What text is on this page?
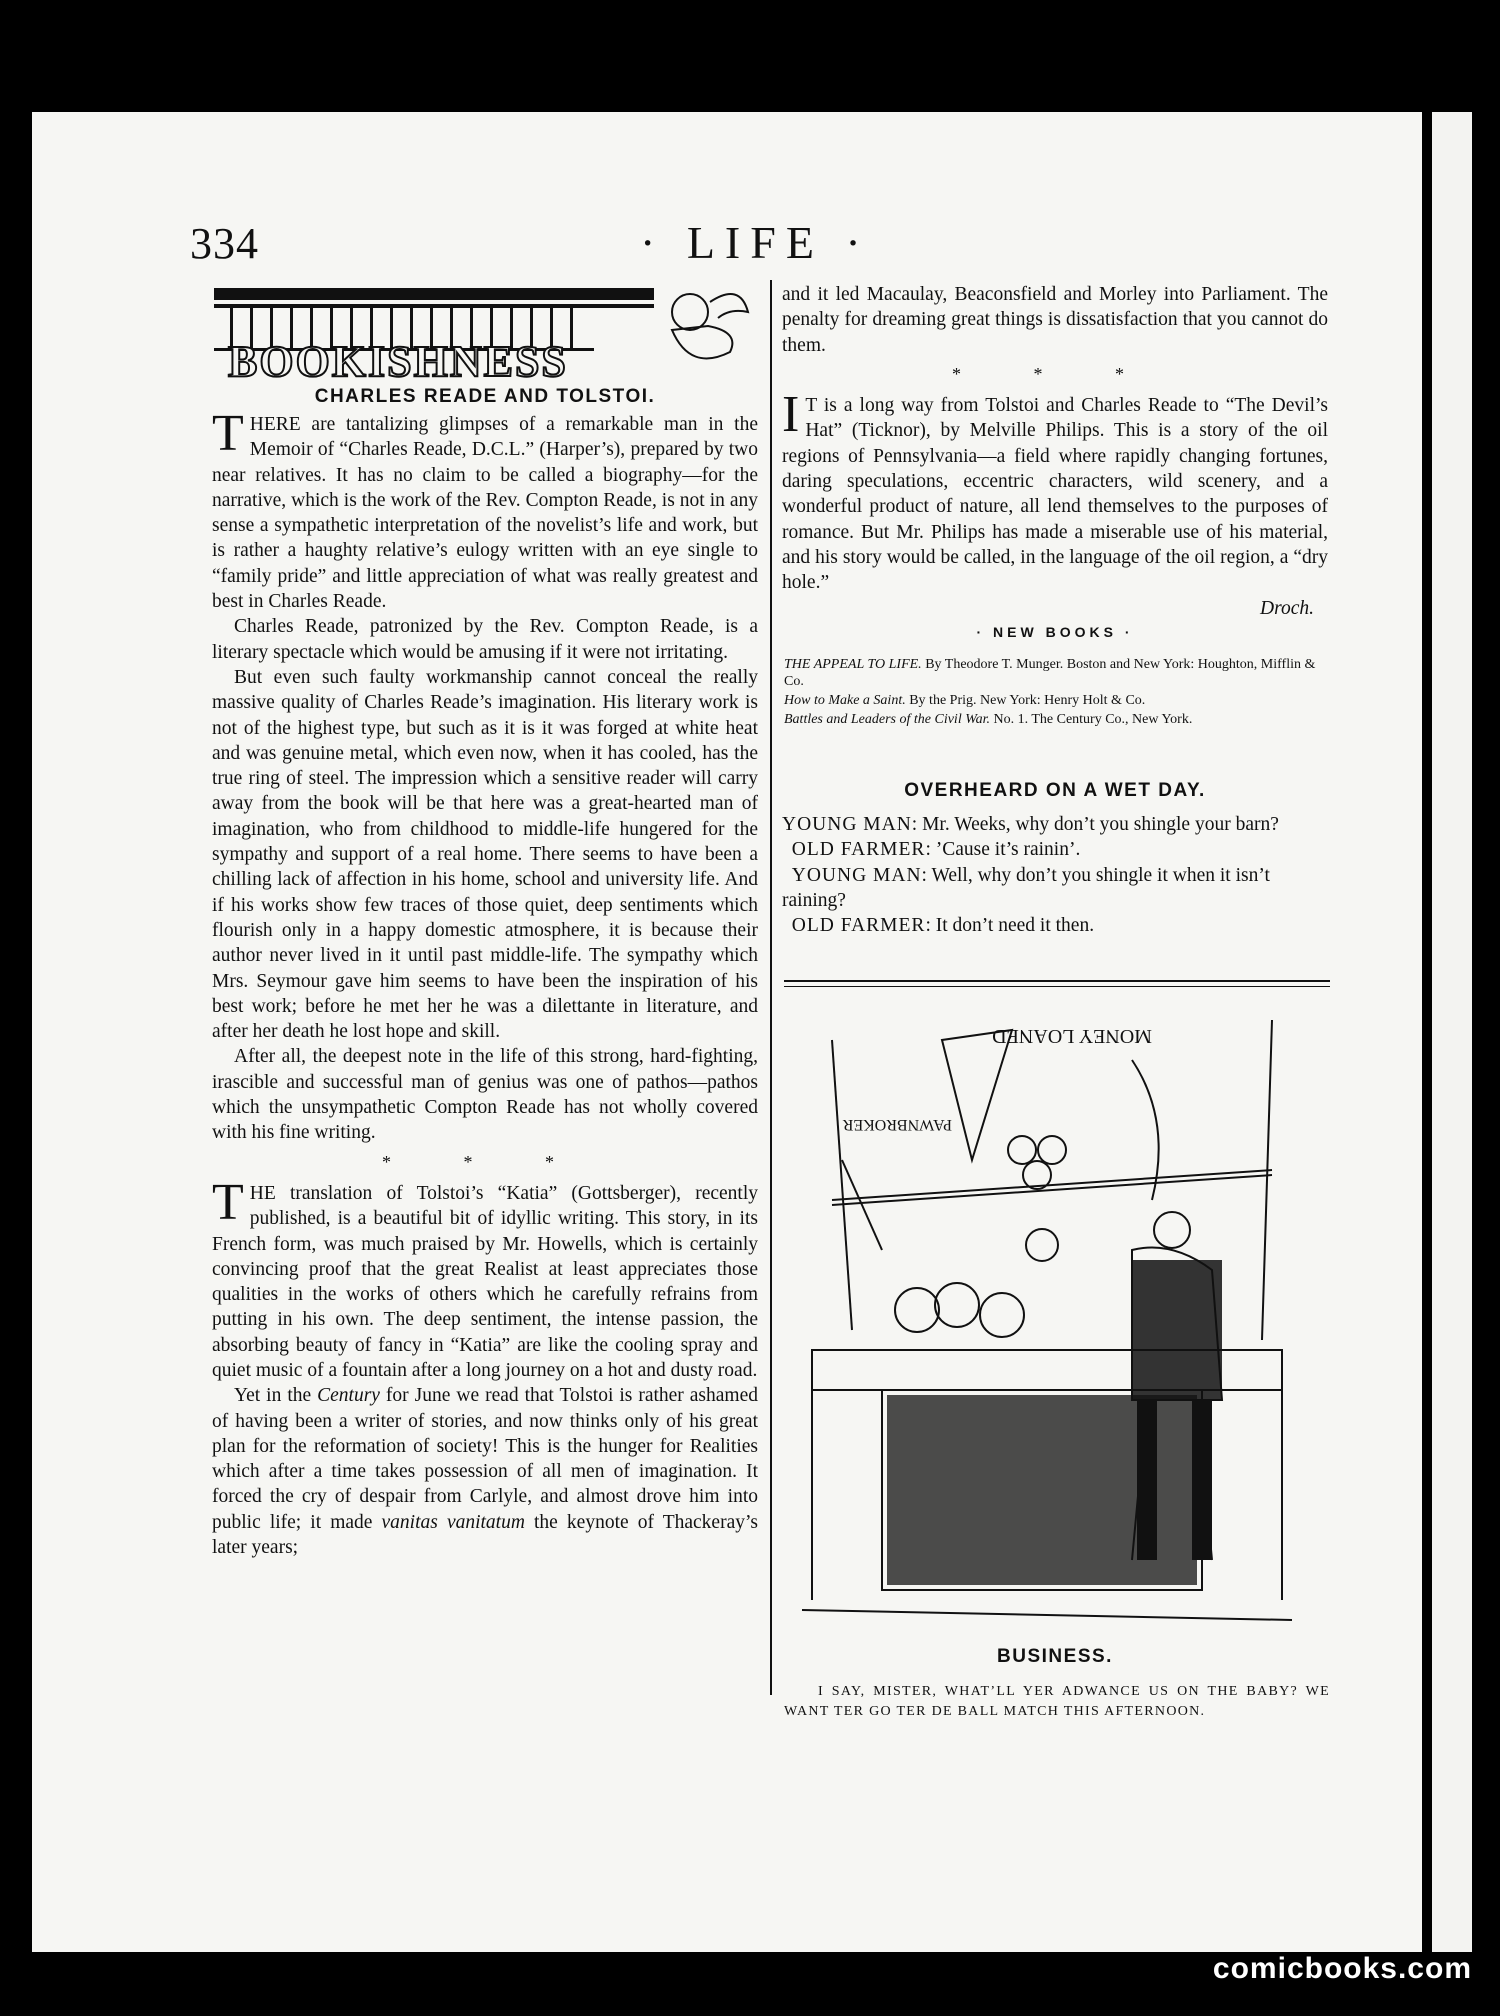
334	· LIFE ·
BOOKISHNESS
CHARLES READE AND TOLSTOI.

THERE are tantalizing glimpses of a remarkable man in the Memoir of “Charles Reade, D.C.L.” (Harper’s), prepared by two near relatives. It has no claim to be called a biography—for the narrative, which is the work of the Rev. Compton Reade, is not in any sense a sympathetic interpretation of the novelist’s life and work, but is rather a haughty relative’s eulogy written with an eye single to “family pride” and little appreciation of what was really greatest and best in Charles Reade.

Charles Reade, patronized by the Rev. Compton Reade, is a literary spectacle which would be amusing if it were not irritating.

But even such faulty workmanship cannot conceal the really massive quality of Charles Reade’s imagination. His literary work is not of the highest type, but such as it is it was forged at white heat and was genuine metal, which even now, when it has cooled, has the true ring of steel. The impression which a sensitive reader will carry away from the book will be that here was a great-hearted man of imagination, who from childhood to middle-life hungered for the sympathy and support of a real home. There seems to have been a chilling lack of affection in his home, school and university life. And if his works show few traces of those quiet, deep sentiments which flourish only in a happy domestic atmosphere, it is because their author never lived in it until past middle-life. The sympathy which Mrs. Seymour gave him seems to have been the inspiration of his best work; before he met her he was a dilettante in literature, and after her death he lost hope and skill.

After all, the deepest note in the life of this strong, hard-fighting, irascible and successful man of genius was one of pathos—pathos which the unsympathetic Compton Reade has not wholly covered with his fine writing.

* * *

THE translation of Tolstoi’s “Katia” (Gottsberger), recently published, is a beautiful bit of idyllic writing. This story, in its French form, was much praised by Mr. Howells, which is certainly convincing proof that the great Realist at least appreciates those qualities in the works of others which he carefully refrains from putting in his own. The deep sentiment, the intense passion, the absorbing beauty of fancy in “Katia” are like the cooling spray and quiet music of a fountain after a long journey on a hot and dusty road.

Yet in the Century for June we read that Tolstoi is rather ashamed of having been a writer of stories, and now thinks only of his great plan for the reformation of society! This is the hunger for Realities which after a time takes possession of all men of imagination. It forced the cry of despair from Carlyle, and almost drove him into public life; it made vanitas vanitatum the keynote of Thackeray’s later years;

and it led Macaulay, Beaconsfield and Morley into Parliament. The penalty for dreaming great things is dissatisfaction that you cannot do them.

* * *

I T is a long way from Tolstoi and Charles Reade to “The Devil’s Hat” (Ticknor), by Melville Philips. This is a story of the oil regions of Pennsylvania—a field where rapidly changing fortunes, daring speculations, eccentric characters, wild scenery, and a wonderful product of nature, all lend themselves to the purposes of romance. But Mr. Philips has made a miserable use of his material, and his story would be called, in the language of the oil region, a “dry hole.”

Droch.
· NEW BOOKS ·
THE APPEAL TO LIFE. By Theodore T. Munger. Boston and New York: Houghton, Mifflin & Co.
How to Make a Saint. By the Prig. New York: Henry Holt & Co.
Battles and Leaders of the Civil War. No. 1. The Century Co., New York.
OVERHEARD ON A WET DAY.

YOUNG MAN: Mr. Weeks, why don’t you shingle your barn?

OLD FARMER: ’Cause it’s rainin’.

YOUNG MAN: Well, why don’t you shingle it when it isn’t raining?

OLD FARMER: It don’t need it then.

MONEY LOANED
PAWNBROKER
BUSINESS.
I SAY, MISTER, WHAT’LL YER ADWANCE US ON THE BABY? WE WANT TER GO TER DE BALL MATCH THIS AFTERNOON.
comicbooks.com
